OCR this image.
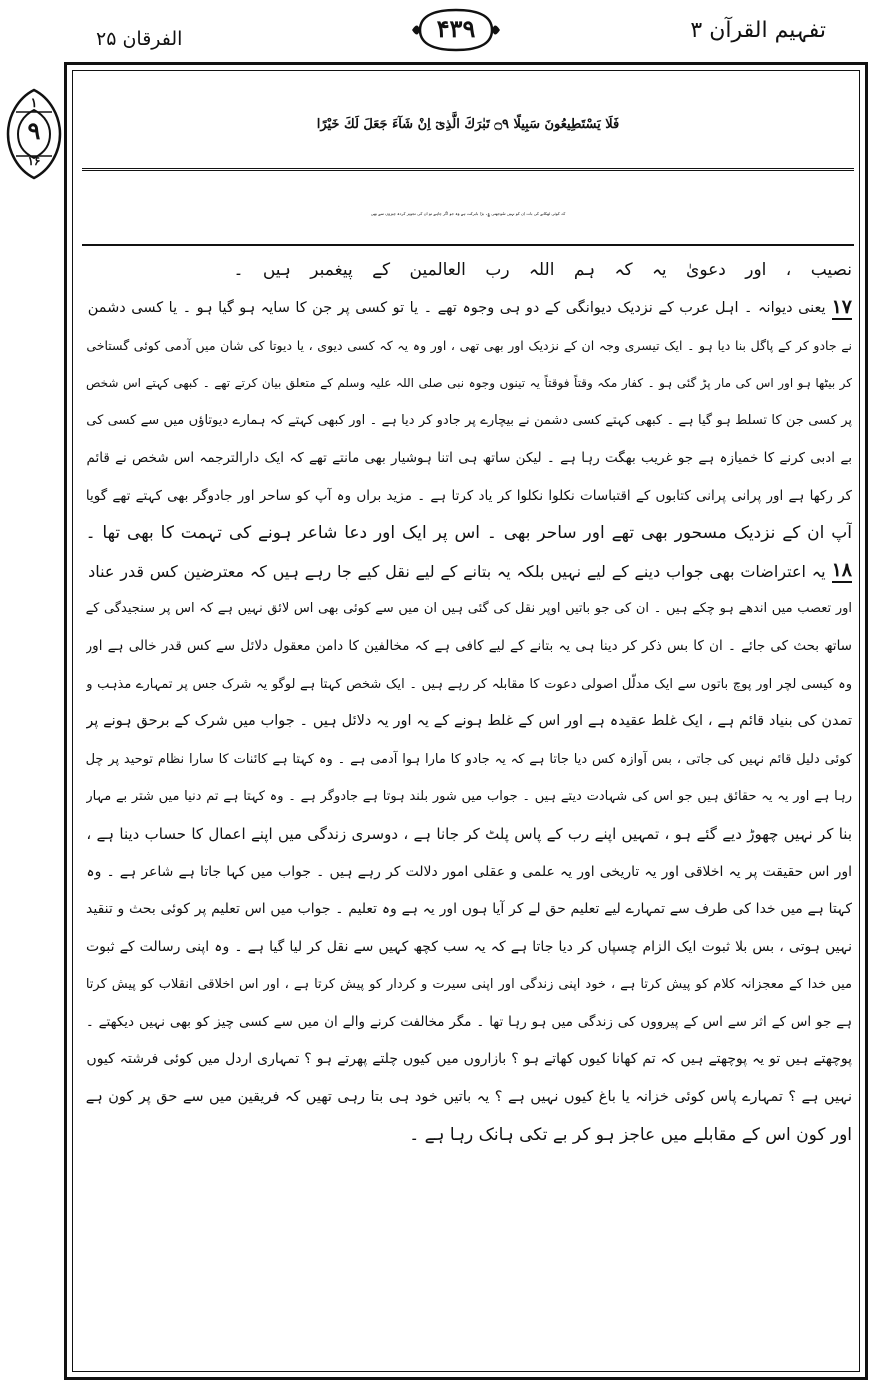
الفرقان ۲۵	۴۳۹	تفہیم القرآن ۳
۱
۹
۱۶
فَلَا يَسْتَطِيعُونَ سَبِيلًا ۝۹ تَبٰرَكَ الَّذِیٓ اِنْ شَآءَ جَعَلَ لَكَ خَيْرًا
کہ کوئی ٹھکانے کی بات اِن کو نہیں سُوجھتی ؏۔ بڑا بابرکت ہے وہ جو اگر چاہے تو ان کی تجویز کردہ چیزوں سے بھی
نصیب ، اور دعویٰ یہ کہ ہم اللہ رب العالمین کے پیغمبر ہیں ۔
۱۷یعنی دیوانہ ۔ اہل عرب کے نزدیک دیوانگی کے دو ہی وجوہ تھے ۔ یا تو کسی پر جن کا سایہ ہو گیا ہو ۔ یا کسی دشمن
نے جادو کر کے پاگل بنا دیا ہو ۔ ایک تیسری وجہ ان کے نزدیک اور بھی تھی ، اور وہ یہ کہ کسی دیوی ، یا دیوتا کی شان میں آدمی کوئی گستاخی
کر بیٹھا ہو اور اس کی مار پڑ گئی ہو ۔ کفار مکہ وقتاً فوقتاً یہ تینوں وجوہ نبی صلی اللہ علیہ وسلم کے متعلق بیان کرتے تھے ۔ کبھی کہتے اس شخص
پر کسی جن کا تسلط ہو گیا ہے ۔ کبھی کہتے کسی دشمن نے بیچارے پر جادو کر دیا ہے ۔ اور کبھی کہتے کہ ہمارے دیوتاؤں میں سے کسی کی
بے ادبی کرنے کا خمیازہ ہے جو غریب بھگت رہا ہے ۔ لیکن ساتھ ہی اتنا ہوشیار بھی مانتے تھے کہ ایک دارالترجمہ اس شخص نے قائم
کر رکھا ہے اور پرانی پرانی کتابوں کے اقتباسات نکلوا نکلوا کر یاد کرتا ہے ۔ مزید براں وہ آپ کو ساحر اور جادوگر بھی کہتے تھے گویا
آپ ان کے نزدیک مسحور بھی تھے اور ساحر بھی ۔ اس پر ایک اور دعا شاعر ہونے کی تہمت کا بھی تھا ۔
۱۸یہ اعتراضات بھی جواب دینے کے لیے نہیں بلکہ یہ بتانے کے لیے نقل کیے جا رہے ہیں کہ معترضین کس قدر عناد
اور تعصب میں اندھے ہو چکے ہیں ۔ ان کی جو باتیں اوپر نقل کی گئی ہیں ان میں سے کوئی بھی اس لائق نہیں ہے کہ اس پر سنجیدگی کے
ساتھ بحث کی جائے ۔ ان کا بس ذکر کر دینا ہی یہ بتانے کے لیے کافی ہے کہ مخالفین کا دامن معقول دلائل سے کس قدر خالی ہے اور
وہ کیسی لچر اور پوچ باتوں سے ایک مدلّل اصولی دعوت کا مقابلہ کر رہے ہیں ۔ ایک شخص کہتا ہے لوگو یہ شرک جس پر تمہارے مذہب و
تمدن کی بنیاد قائم ہے ، ایک غلط عقیدہ ہے اور اس کے غلط ہونے کے یہ اور یہ دلائل ہیں ۔ جواب میں شرک کے برحق ہونے پر
کوئی دلیل قائم نہیں کی جاتی ، بس آوازہ کس دیا جاتا ہے کہ یہ جادو کا مارا ہوا آدمی ہے ۔ وہ کہتا ہے کائنات کا سارا نظام توحید پر چل
رہا ہے اور یہ یہ حقائق ہیں جو اس کی شہادت دیتے ہیں ۔ جواب میں شور بلند ہوتا ہے جادوگر ہے ۔ وہ کہتا ہے تم دنیا میں شتر بے مہار
بنا کر نہیں چھوڑ دیے گئے ہو ، تمہیں اپنے رب کے پاس پلٹ کر جانا ہے ، دوسری زندگی میں اپنے اعمال کا حساب دینا ہے ،
اور اس حقیقت پر یہ اخلاقی اور یہ تاریخی اور یہ علمی و عقلی امور دلالت کر رہے ہیں ۔ جواب میں کہا جاتا ہے شاعر ہے ۔ وہ
کہتا ہے میں خدا کی طرف سے تمہارے لیے تعلیم حق لے کر آیا ہوں اور یہ ہے وہ تعلیم ۔ جواب میں اس تعلیم پر کوئی بحث و تنقید
نہیں ہوتی ، بس بلا ثبوت ایک الزام چسپاں کر دیا جاتا ہے کہ یہ سب کچھ کہیں سے نقل کر لیا گیا ہے ۔ وہ اپنی رسالت کے ثبوت
میں خدا کے معجزانہ کلام کو پیش کرتا ہے ، خود اپنی زندگی اور اپنی سیرت و کردار کو پیش کرتا ہے ، اور اس اخلاقی انقلاب کو پیش کرتا
ہے جو اس کے اثر سے اس کے پیرووں کی زندگی میں ہو رہا تھا ۔ مگر مخالفت کرنے والے ان میں سے کسی چیز کو بھی نہیں دیکھتے ۔
پوچھتے ہیں تو یہ پوچھتے ہیں کہ تم کھانا کیوں کھاتے ہو ؟ بازاروں میں کیوں چلتے پھرتے ہو ؟ تمہاری اردل میں کوئی فرشتہ کیوں
نہیں ہے ؟ تمہارے پاس کوئی خزانہ یا باغ کیوں نہیں ہے ؟ یہ باتیں خود ہی بتا رہی تھیں کہ فریقین میں سے حق پر کون ہے
اور کون اس کے مقابلے میں عاجز ہو کر بے تکی ہانک رہا ہے ۔
